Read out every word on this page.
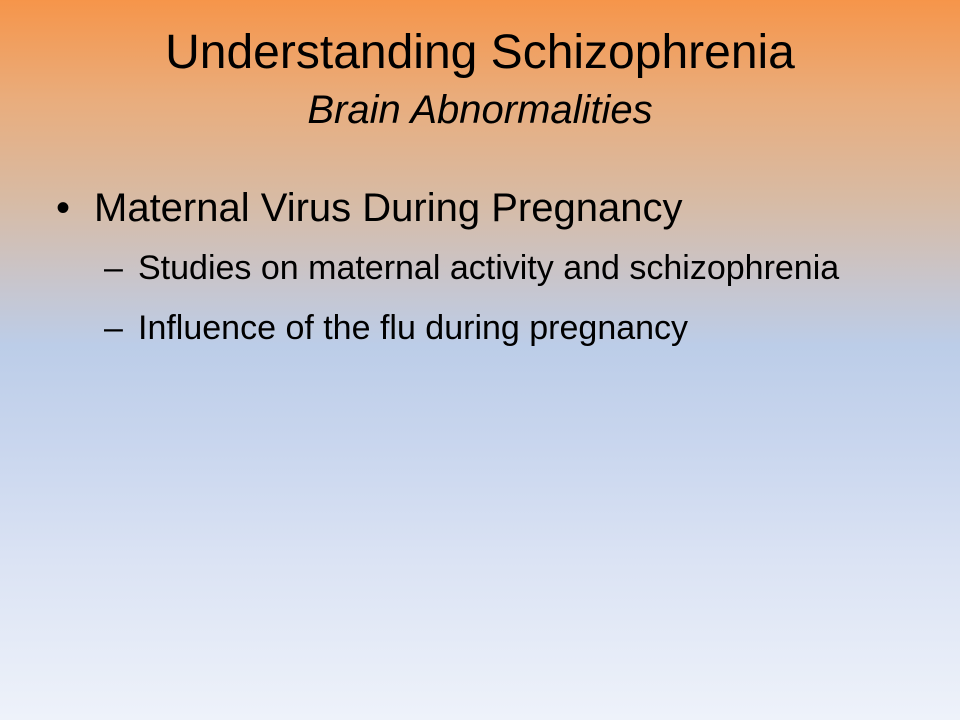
Understanding Schizophrenia
Brain Abnormalities
• Maternal Virus During Pregnancy
– Studies on maternal activity and schizophrenia
– Influence of the flu during pregnancy
